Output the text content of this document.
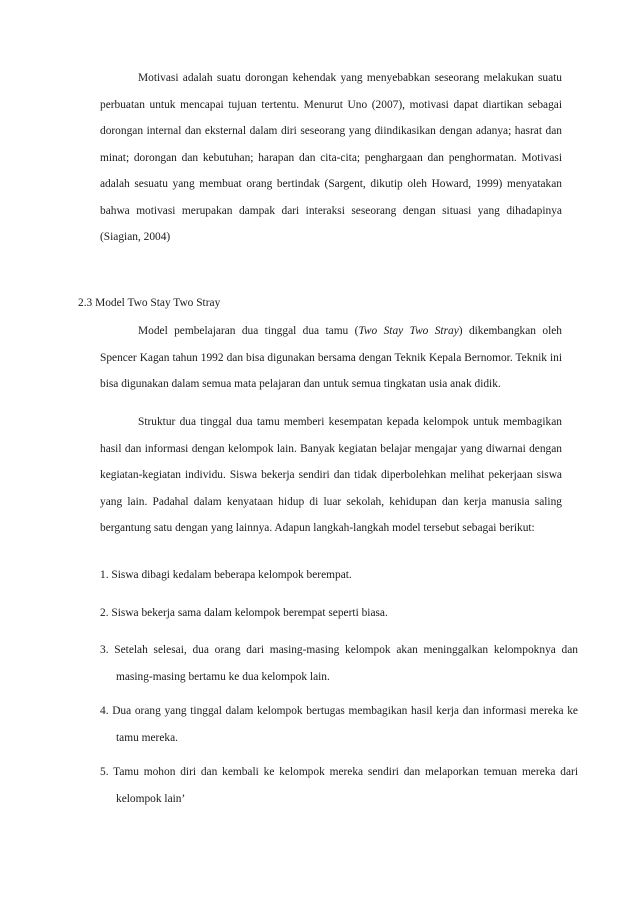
Motivasi adalah suatu dorongan kehendak yang menyebabkan seseorang melakukan suatu perbuatan untuk mencapai tujuan tertentu. Menurut Uno (2007), motivasi dapat diartikan sebagai dorongan internal dan eksternal dalam diri seseorang yang diindikasikan dengan adanya; hasrat dan minat; dorongan dan kebutuhan; harapan dan cita-cita; penghargaan dan penghormatan. Motivasi adalah sesuatu yang membuat orang bertindak (Sargent, dikutip oleh Howard, 1999) menyatakan bahwa motivasi merupakan dampak dari interaksi seseorang dengan situasi yang dihadapinya (Siagian, 2004)

2.3 Model Two Stay Two Stray

Model pembelajaran dua tinggal dua tamu (Two Stay Two Stray) dikembangkan oleh Spencer Kagan tahun 1992 dan bisa digunakan bersama dengan Teknik Kepala Bernomor. Teknik ini bisa digunakan dalam semua mata pelajaran dan untuk semua tingkatan usia anak didik.

Struktur dua tinggal dua tamu memberi kesempatan kepada kelompok untuk membagikan hasil dan informasi dengan kelompok lain. Banyak kegiatan belajar mengajar yang diwarnai dengan kegiatan-kegiatan individu. Siswa bekerja sendiri dan tidak diperbolehkan melihat pekerjaan siswa yang lain. Padahal dalam kenyataan hidup di luar sekolah, kehidupan dan kerja manusia saling bergantung satu dengan yang lainnya. Adapun langkah-langkah model tersebut sebagai berikut:

1. Siswa dibagi kedalam beberapa kelompok berempat.

2. Siswa bekerja sama dalam kelompok berempat seperti biasa.

3. Setelah selesai, dua orang dari masing-masing kelompok akan meninggalkan kelompoknya dan masing-masing bertamu ke dua kelompok lain.

4. Dua orang yang tinggal dalam kelompok bertugas membagikan hasil kerja dan informasi mereka ke tamu mereka.

5. Tamu mohon diri dan kembali ke kelompok mereka sendiri dan melaporkan temuan mereka dari kelompok lain’
